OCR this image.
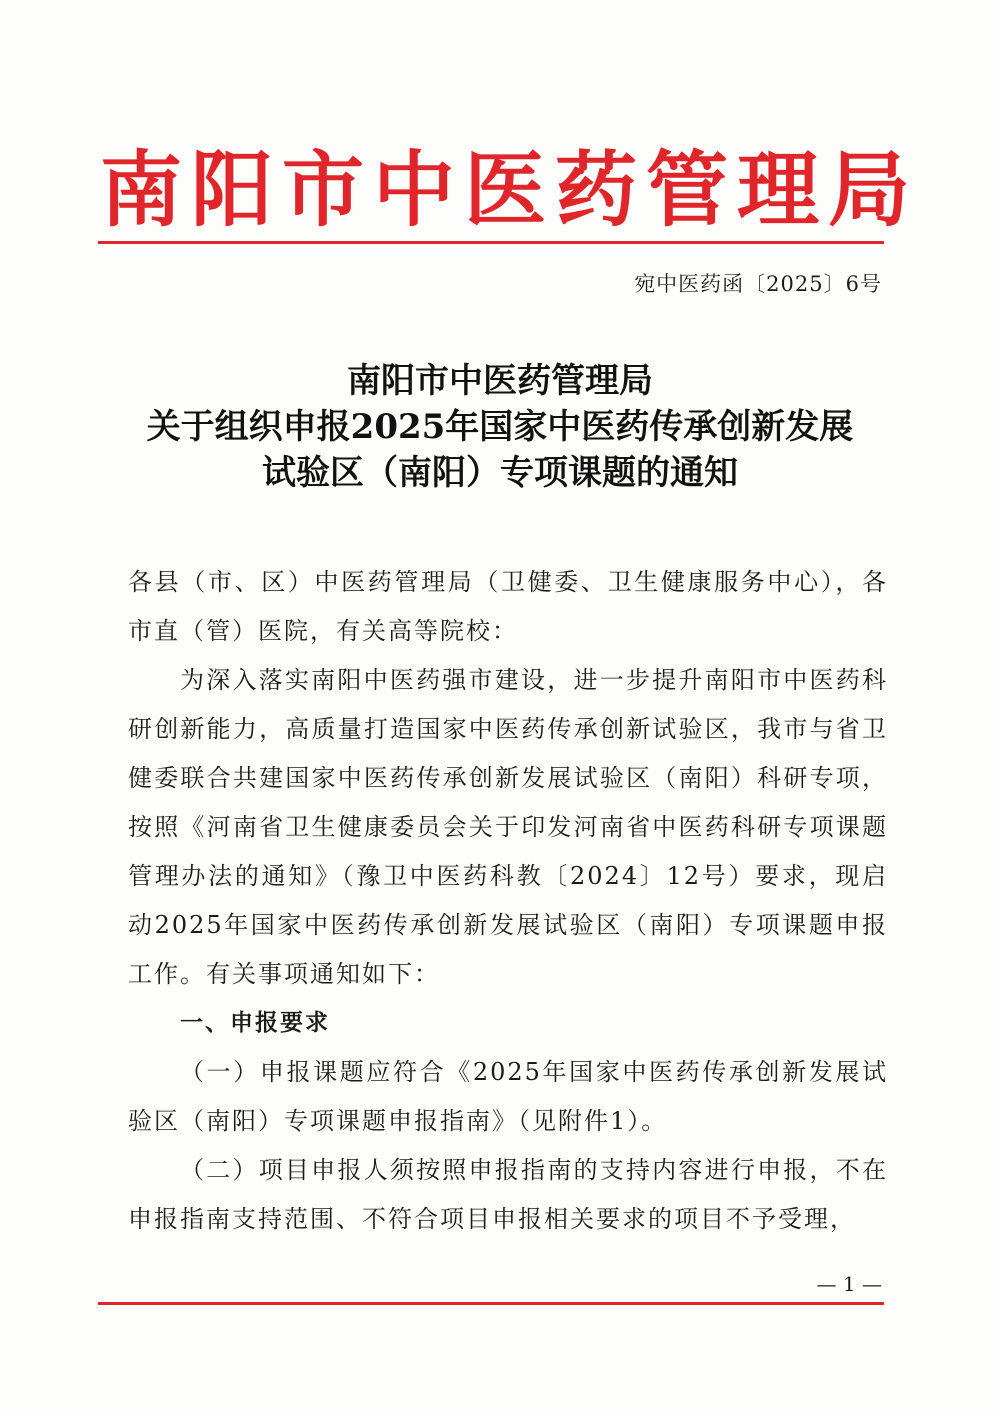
南阳市中医药管理局
宛中医药函〔2025〕6号
南阳市中医药管理局
关于组织申报2025年国家中医药传承创新发展
试验区（南阳）专项课题的通知

各县（市、区）中医药管理局（卫健委、卫生健康服务中心），各市直（管）医院，有关高等院校：

为深入落实南阳中医药强市建设，进一步提升南阳市中医药科研创新能力，高质量打造国家中医药传承创新试验区，我市与省卫健委联合共建国家中医药传承创新发展试验区（南阳）科研专项，按照《河南省卫生健康委员会关于印发河南省中医药科研专项课题管理办法的通知》（豫卫中医药科教〔2024〕12号）要求，现启动2025年国家中医药传承创新发展试验区（南阳）专项课题申报工作。有关事项通知如下：

一、申报要求

（一）申报课题应符合《2025年国家中医药传承创新发展试验区（南阳）专项课题申报指南》（见附件1）。

（二）项目申报人须按照申报指南的支持内容进行申报，不在申报指南支持范围、不符合项目申报相关要求的项目不予受理，

— 1 —
